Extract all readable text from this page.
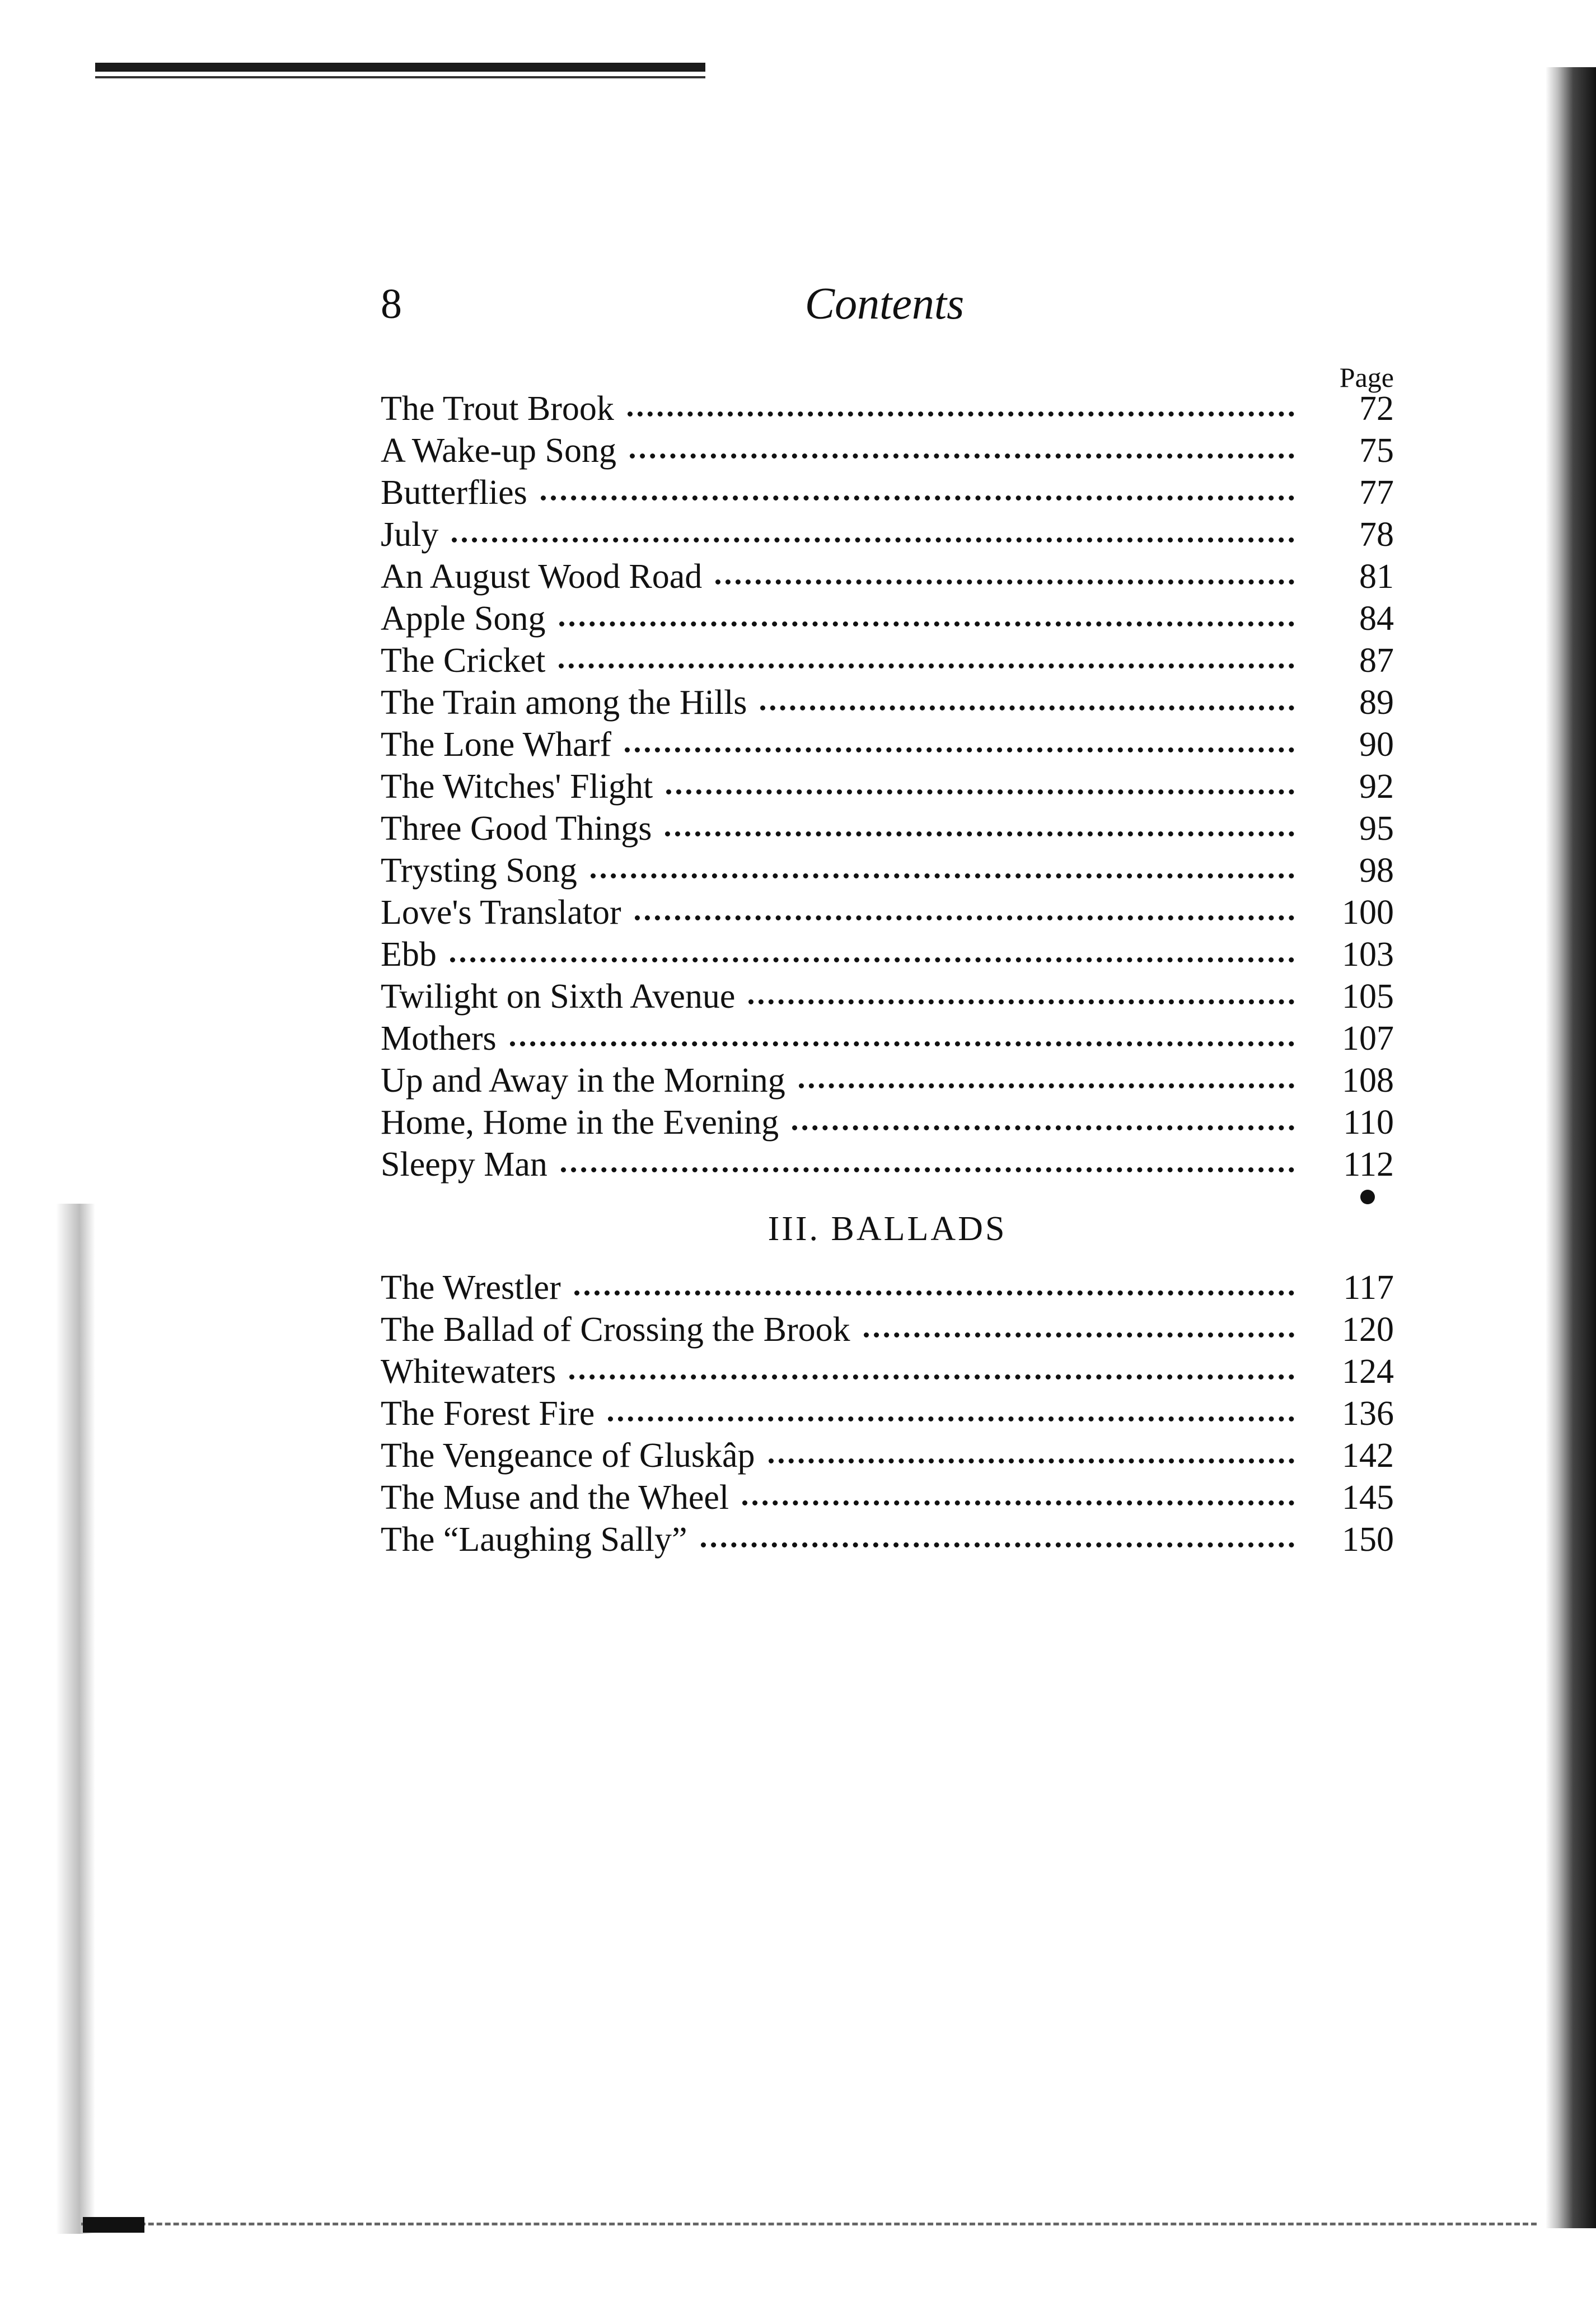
8	Contents
Page
The Trout Brook	72
A Wake-up Song	75
Butterflies	77
July	78
An August Wood Road	81
Apple Song	84
The Cricket	87
The Train among the Hills	89
The Lone Wharf	90
The Witches' Flight	92
Three Good Things	95
Trysting Song	98
Love's Translator	100
Ebb	103
Twilight on Sixth Avenue	105
Mothers	107
Up and Away in the Morning	108
Home, Home in the Evening	110
Sleepy Man	112
III. BALLADS
The Wrestler	117
The Ballad of Crossing the Brook	120
Whitewaters	124
The Forest Fire	136
The Vengeance of Gluskâp	142
The Muse and the Wheel	145
The “Laughing Sally”	150
